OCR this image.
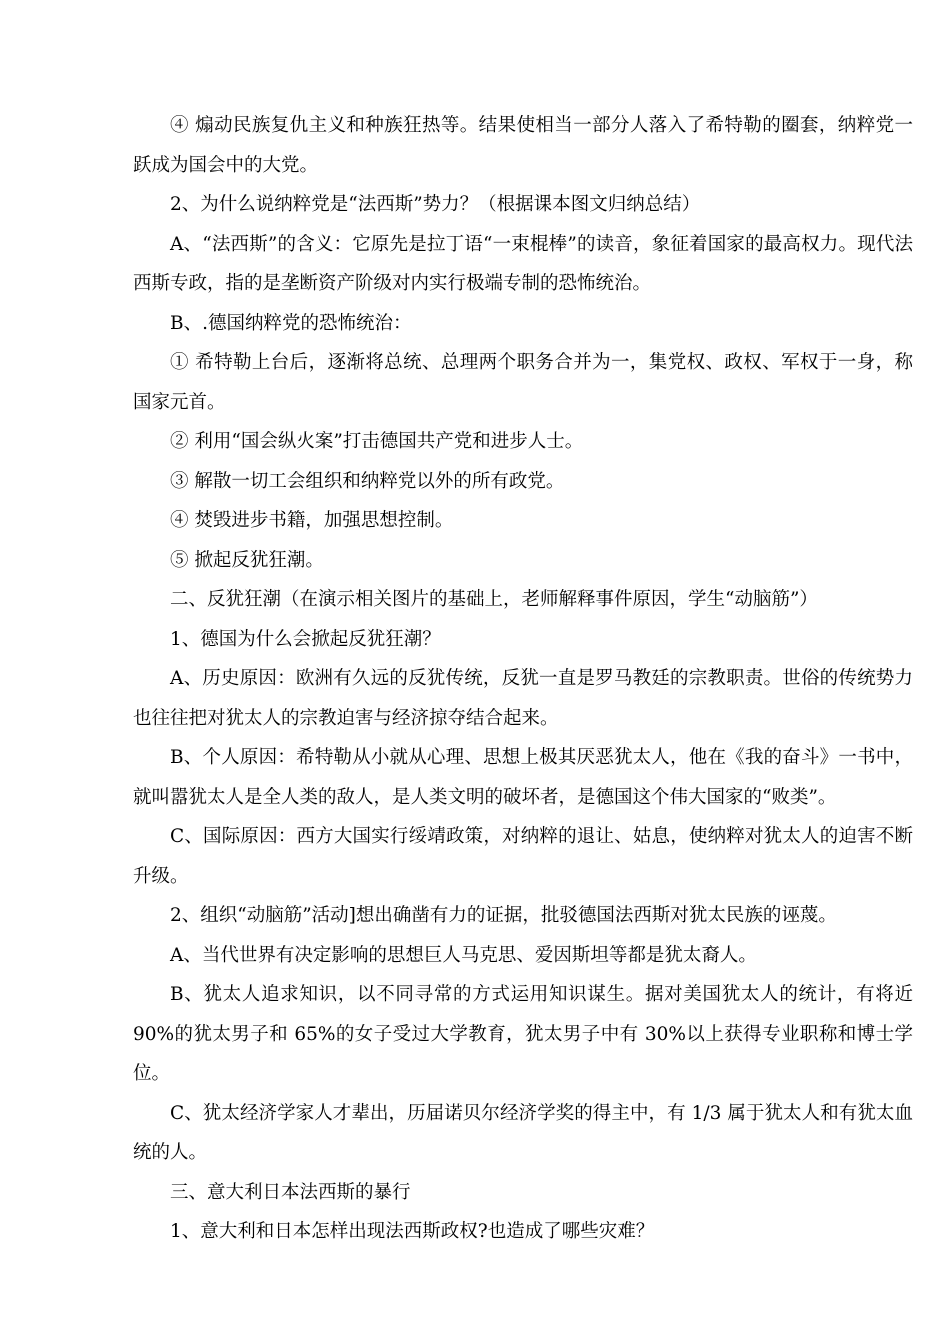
④ 煽动民族复仇主义和种族狂热等。结果使相当一部分人落入了希特勒的圈套，纳粹党一跃成为国会中的大党。

2、为什么说纳粹党是“法西斯”势力？（根据课本图文归纳总结）

A、“法西斯”的含义：它原先是拉丁语“一束棍棒”的读音，象征着国家的最高权力。现代法西斯专政，指的是垄断资产阶级对内实行极端专制的恐怖统治。

B、.德国纳粹党的恐怖统治：

① 希特勒上台后，逐渐将总统、总理两个职务合并为一，集党权、政权、军权于一身，称国家元首。

② 利用“国会纵火案”打击德国共产党和进步人士。

③ 解散一切工会组织和纳粹党以外的所有政党。

④ 焚毁进步书籍，加强思想控制。

⑤ 掀起反犹狂潮。

二、反犹狂潮（在演示相关图片的基础上，老师解释事件原因，学生“动脑筋”）

1、德国为什么会掀起反犹狂潮？

A、历史原因：欧洲有久远的反犹传统，反犹一直是罗马教廷的宗教职责。世俗的传统势力也往往把对犹太人的宗教迫害与经济掠夺结合起来。

B、个人原因：希特勒从小就从心理、思想上极其厌恶犹太人，他在《我的奋斗》一书中，就叫嚣犹太人是全人类的敌人，是人类文明的破坏者，是德国这个伟大国家的“败类”。

C、国际原因：西方大国实行绥靖政策，对纳粹的退让、姑息，使纳粹对犹太人的迫害不断升级。

2、组织“动脑筋”活动]想出确凿有力的证据，批驳德国法西斯对犹太民族的诬蔑。

A、当代世界有决定影响的思想巨人马克思、爱因斯坦等都是犹太裔人。

B、犹太人追求知识，以不同寻常的方式运用知识谋生。据对美国犹太人的统计，有将近 90%的犹太男子和 65%的女子受过大学教育，犹太男子中有 30%以上获得专业职称和博士学位。

C、犹太经济学家人才辈出，历届诺贝尔经济学奖的得主中，有 1/3 属于犹太人和有犹太血统的人。

三、意大利日本法西斯的暴行

1、意大利和日本怎样出现法西斯政权?也造成了哪些灾难？
